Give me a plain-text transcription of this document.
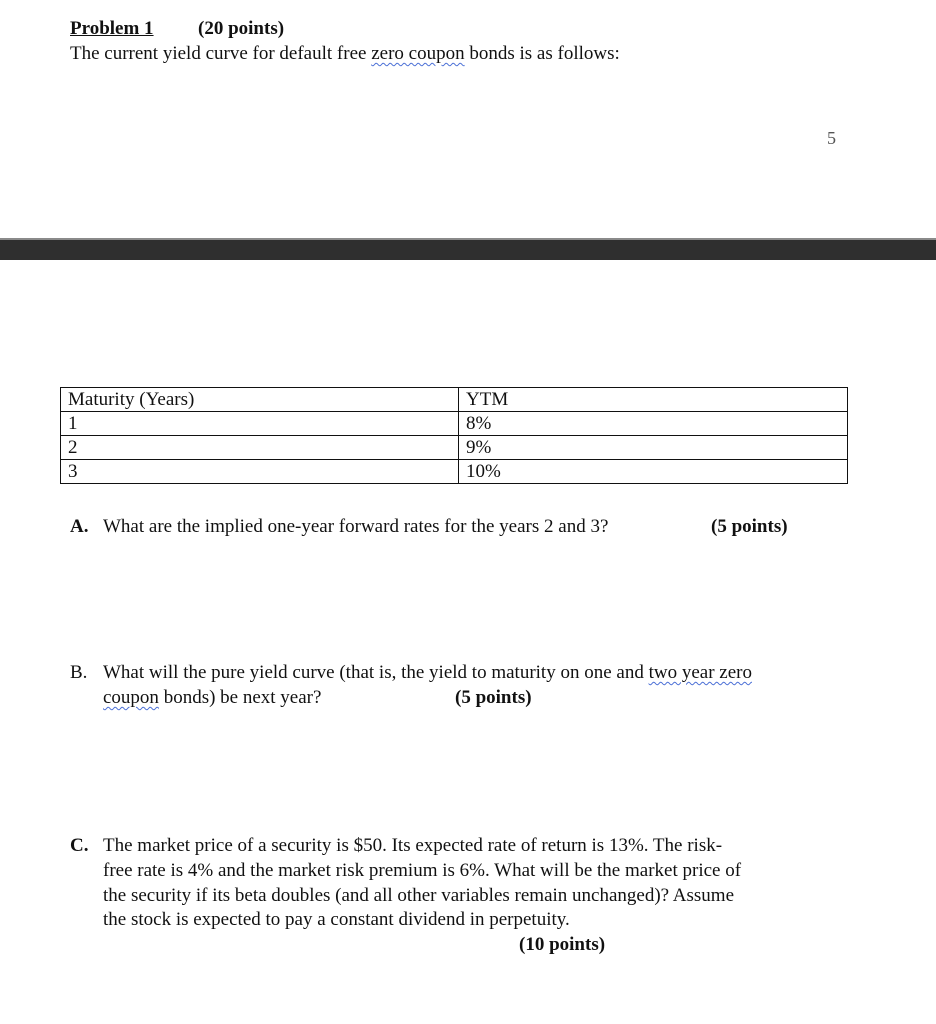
Problem 1 (20 points)
The current yield curve for default free zero coupon bonds is as follows:
5
Maturity (Years)	YTM
1	8%
2	9%
3	10%
A. What are the implied one-year forward rates for the years 2 and 3?	(5 points)
B. What will the pure yield curve (that is, the yield to maturity on one and two year zero
coupon bonds) be next year?	(5 points)
C. The market price of a security is $50. Its expected rate of return is 13%. The risk-
free rate is 4% and the market risk premium is 6%. What will be the market price of
the security if its beta doubles (and all other variables remain unchanged)? Assume
the stock is expected to pay a constant dividend in perpetuity.
(10 points)
